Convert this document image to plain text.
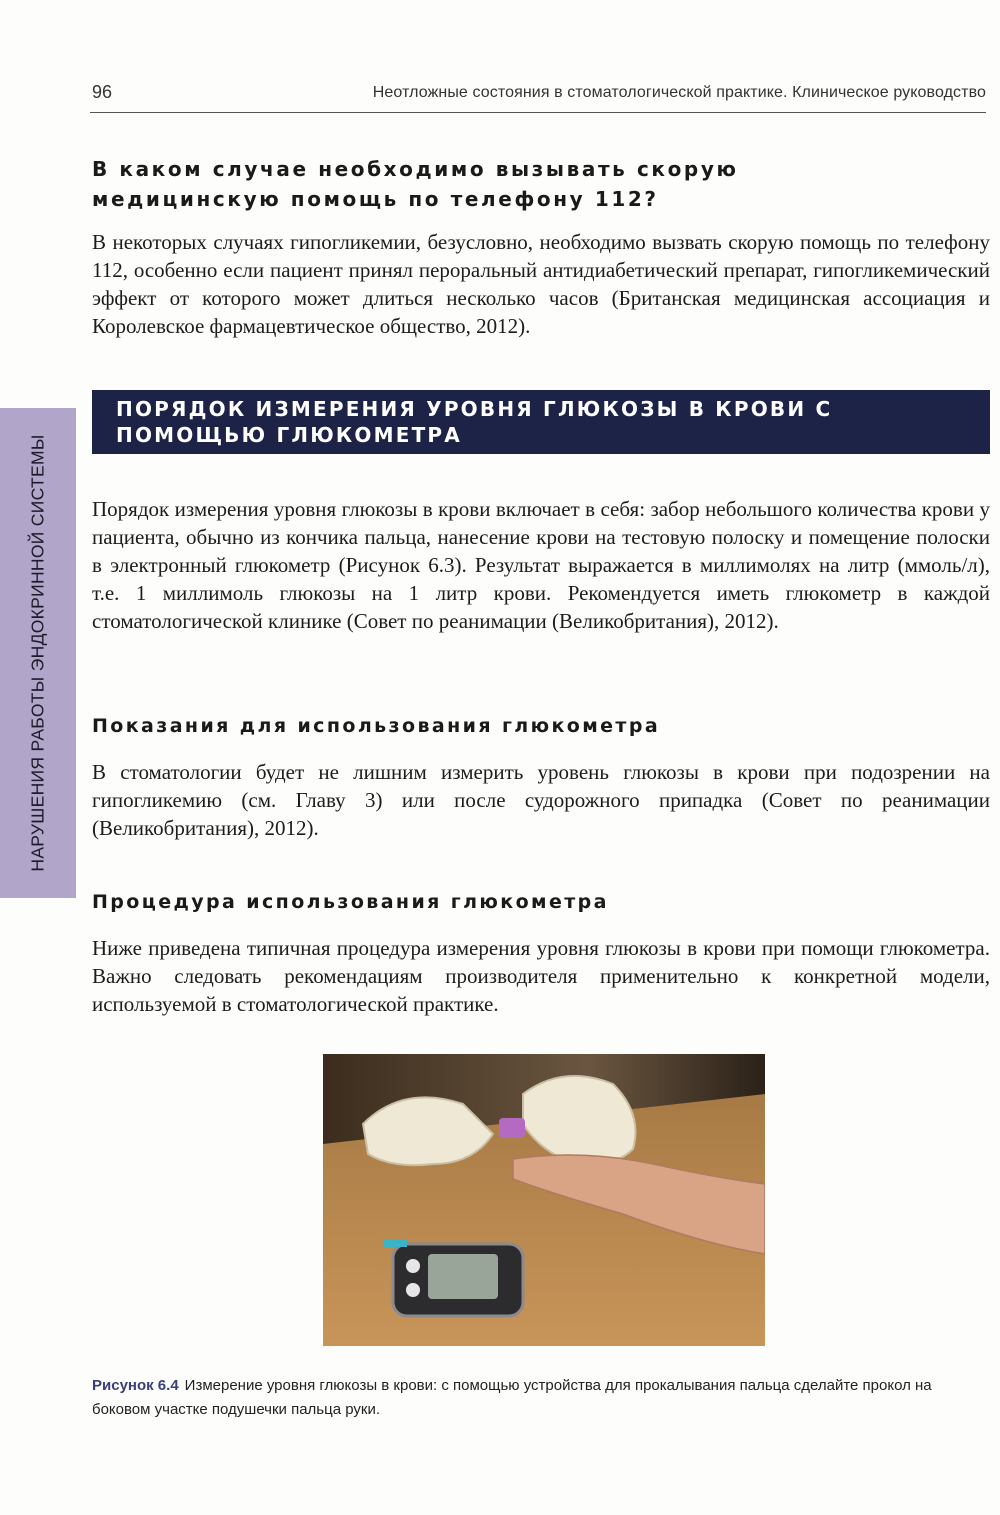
96	Неотложные состояния в стоматологической практике. Клиническое руководство
НАРУШЕНИЯ РАБОТЫ ЭНДОКРИННОЙ СИСТЕМЫ
В каком случае необходимо вызывать скорую медицинскую помощь по телефону 112?

В некоторых случаях гипогликемии, безусловно, необходимо вызвать скорую помощь по телефону 112, особенно если пациент принял пероральный антидиабетический препарат, гипогликемический эффект от которого может длиться несколько часов (Британская медицинская ассоциация и Королевское фармацевтическое общество, 2012).

ПОРЯДОК ИЗМЕРЕНИЯ УРОВНЯ ГЛЮКОЗЫ В КРОВИ С ПОМОЩЬЮ ГЛЮКОМЕТРА

Порядок измерения уровня глюкозы в крови включает в себя: забор небольшого количества крови у пациента, обычно из кончика пальца, нанесение крови на тестовую полоску и помещение полоски в электронный глюкометр (Рисунок 6.3). Результат выражается в миллимолях на литр (ммоль/л), т.е. 1 миллимоль глюкозы на 1 литр крови. Рекомендуется иметь глюкометр в каждой стоматологической клинике (Совет по реанимации (Великобритания), 2012).

Показания для использования глюкометра

В стоматологии будет не лишним измерить уровень глюкозы в крови при подозрении на гипогликемию (см. Главу 3) или после судорожного припадка (Совет по реанимации (Великобритания), 2012).

Процедура использования глюкометра

Ниже приведена типичная процедура измерения уровня глюкозы в крови при помощи глюкометра. Важно следовать рекомендациям производителя применительно к конкретной модели, используемой в стоматологической практике.

Рисунок 6.4 Измерение уровня глюкозы в крови: с помощью устройства для прокалывания пальца сделайте прокол на боковом участке подушечки пальца руки.
